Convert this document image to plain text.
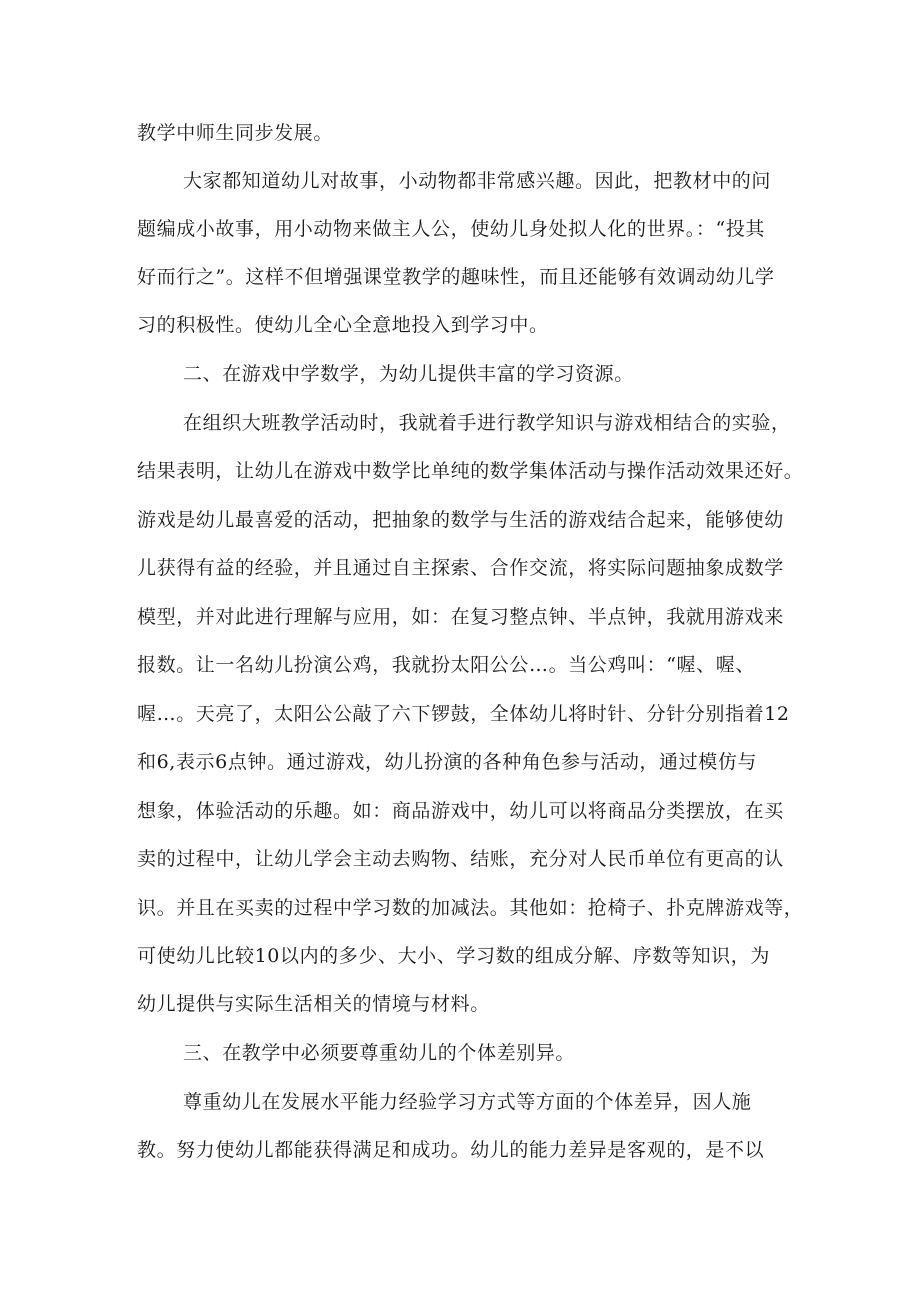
教学中师生同步发展。
大家都知道幼儿对故事，小动物都非常感兴趣。因此，把教材中的问
题编成小故事，用小动物来做主人公，使幼儿身处拟人化的世界。：“投其
好而行之”。这样不但增强课堂教学的趣味性，而且还能够有效调动幼儿学
习的积极性。使幼儿全心全意地投入到学习中。
二、在游戏中学数学，为幼儿提供丰富的学习资源。
在组织大班教学活动时，我就着手进行教学知识与游戏相结合的实验，
结果表明，让幼儿在游戏中数学比单纯的数学集体活动与操作活动效果还好。
游戏是幼儿最喜爱的活动，把抽象的数学与生活的游戏结合起来，能够使幼
儿获得有益的经验，并且通过自主探索、合作交流，将实际问题抽象成数学
模型，并对此进行理解与应用，如：在复习整点钟、半点钟，我就用游戏来
报数。让一名幼儿扮演公鸡，我就扮太阳公公…。当公鸡叫：“喔、喔、
喔…。天亮了，太阳公公敲了六下锣鼓，全体幼儿将时针、分针分别指着12
和6,表示6点钟。通过游戏，幼儿扮演的各种角色参与活动，通过模仿与
想象，体验活动的乐趣。如：商品游戏中，幼儿可以将商品分类摆放，在买
卖的过程中，让幼儿学会主动去购物、结账，充分对人民币单位有更高的认
识。并且在买卖的过程中学习数的加减法。其他如：抢椅子、扑克牌游戏等，
可使幼儿比较10以内的多少、大小、学习数的组成分解、序数等知识，为
幼儿提供与实际生活相关的情境与材料。
三、在教学中必须要尊重幼儿的个体差别异。
尊重幼儿在发展水平能力经验学习方式等方面的个体差异，因人施
教。努力使幼儿都能获得满足和成功。幼儿的能力差异是客观的，是不以
